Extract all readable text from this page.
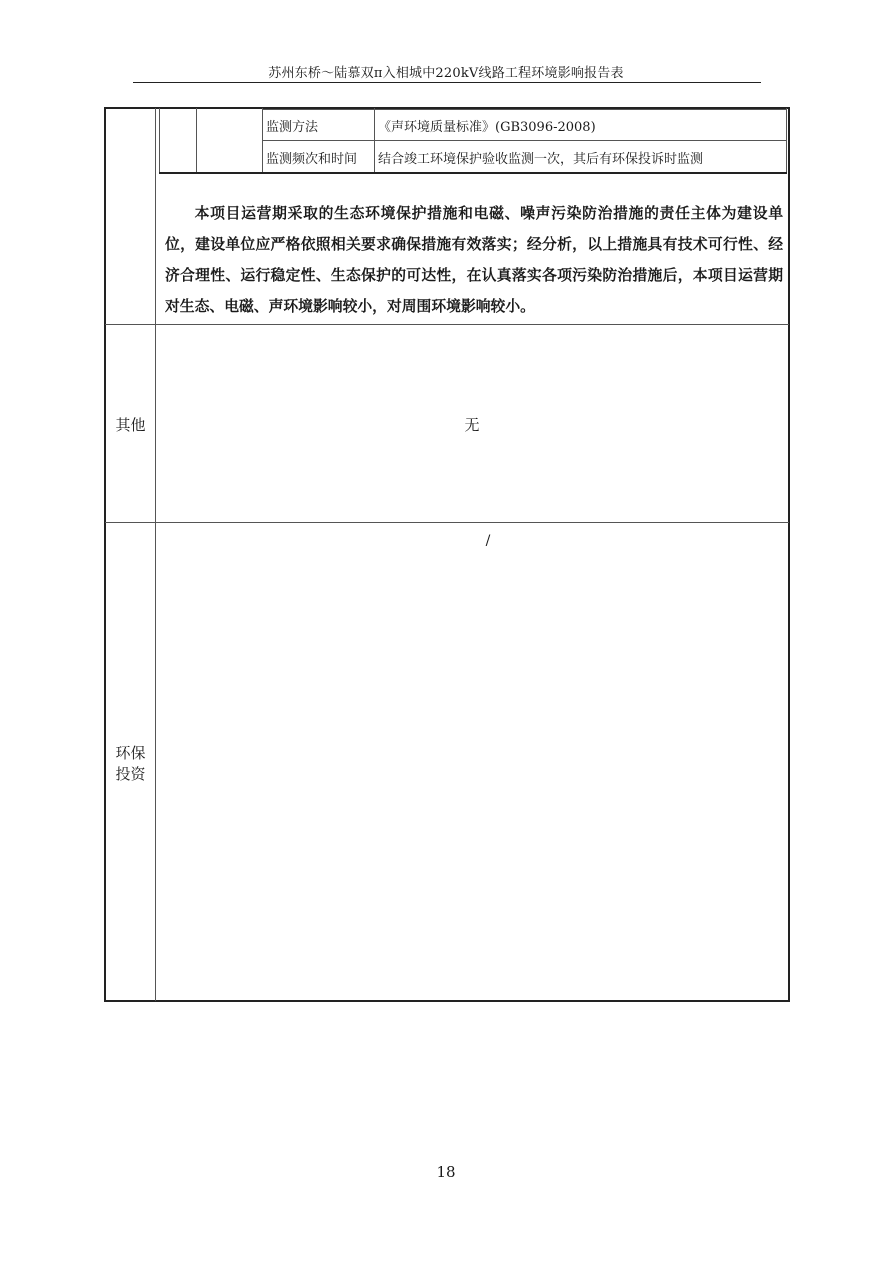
苏州东桥～陆慕双π入相城中220kV线路工程环境影响报告表
监测方法	《声环境质量标准》(GB3096-2008)
监测频次和时间 结合竣工环境保护验收监测一次，其后有环保投诉时监测

本项目运营期采取的生态环境保护措施和电磁、噪声污染防治措施的责任主体为建设单位，建设单位应严格依照相关要求确保措施有效落实；经分析，以上措施具有技术可行性、经济合理性、运行稳定性、生态保护的可达性，在认真落实各项污染防治措施后，本项目运营期对生态、电磁、声环境影响较小，对周围环境影响较小。

其他	无
环保
投资
/
18
